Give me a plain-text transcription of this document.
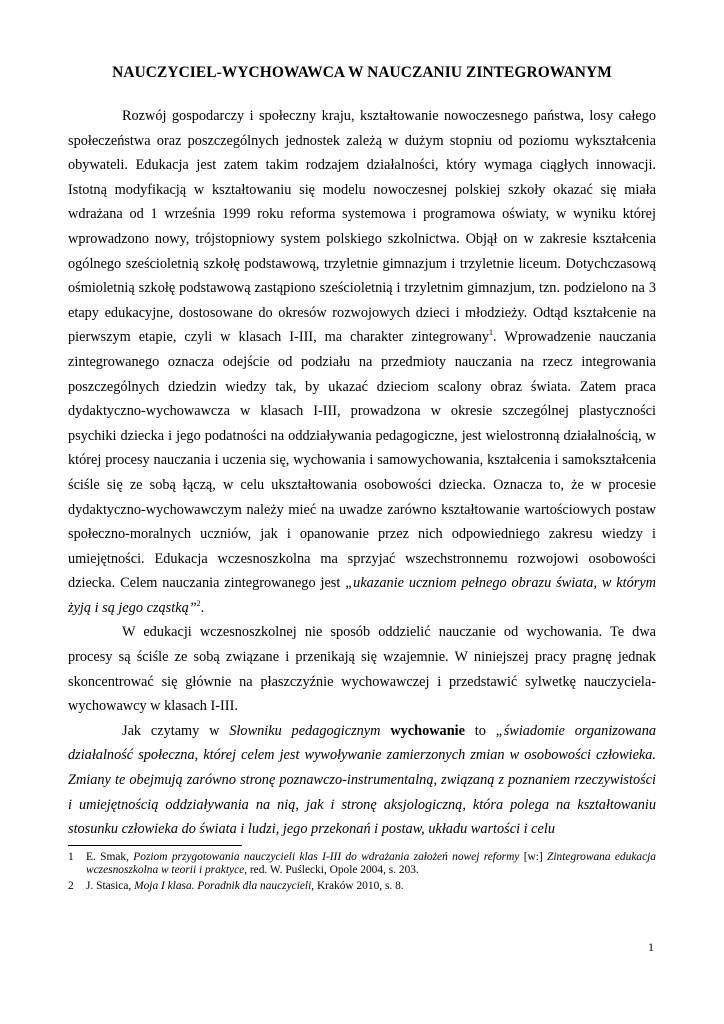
NAUCZYCIEL-WYCHOWAWCA W NAUCZANIU ZINTEGROWANYM

Rozwój gospodarczy i społeczny kraju, kształtowanie nowoczesnego państwa, losy całego społeczeństwa oraz poszczególnych jednostek zależą w dużym stopniu od poziomu wykształcenia obywateli. Edukacja jest zatem takim rodzajem działalności, który wymaga ciągłych innowacji. Istotną modyfikacją w kształtowaniu się modelu nowoczesnej polskiej szkoły okazać się miała wdrażana od 1 września 1999 roku reforma systemowa i programowa oświaty, w wyniku której wprowadzono nowy, trójstopniowy system polskiego szkolnictwa. Objął on w zakresie kształcenia ogólnego sześcioletnią szkołę podstawową, trzyletnie gimnazjum i trzyletnie liceum. Dotychczasową ośmioletnią szkołę podstawową zastąpiono sześcioletnią i trzyletnim gimnazjum, tzn. podzielono na 3 etapy edukacyjne, dostosowane do okresów rozwojowych dzieci i młodzieży. Odtąd kształcenie na pierwszym etapie, czyli w klasach I-III, ma charakter zintegrowany$^1$. Wprowadzenie nauczania zintegrowanego oznacza odejście od podziału na przedmioty nauczania na rzecz integrowania poszczególnych dziedzin wiedzy tak, by ukazać dzieciom scalony obraz świata. Zatem praca dydaktyczno-wychowawcza w klasach I-III, prowadzona w okresie szczególnej plastyczności psychiki dziecka i jego podatności na oddziaływania pedagogiczne, jest wielostronną działalnością, w której procesy nauczania i uczenia się, wychowania i samowychowania, kształcenia i samokształcenia ściśle się ze sobą łączą, w celu ukształtowania osobowości dziecka. Oznacza to, że w procesie dydaktyczno-wychowawczym należy mieć na uwadze zarówno kształtowanie wartościowych postaw społeczno-moralnych uczniów, jak i opanowanie przez nich odpowiedniego zakresu wiedzy i umiejętności. Edukacja wczesnoszkolna ma sprzyjać wszechstronnemu rozwojowi osobowości dziecka. Celem nauczania zintegrowanego jest „ukazanie uczniom pełnego obrazu świata, w którym żyją i są jego cząstką”$^2$.

W edukacji wczesnoszkolnej nie sposób oddzielić nauczanie od wychowania. Te dwa procesy są ściśle ze sobą związane i przenikają się wzajemnie. W niniejszej pracy pragnę jednak skoncentrować się głównie na płaszczyźnie wychowawczej i przedstawić sylwetkę nauczyciela-wychowawcy w klasach I-III.

Jak czytamy w Słowniku pedagogicznym wychowanie to „świadomie organizowana działalność społeczna, której celem jest wywoływanie zamierzonych zmian w osobowości człowieka. Zmiany te obejmują zarówno stronę poznawczo-instrumentalną, związaną z poznaniem rzeczywistości i umiejętnością oddziaływania na nią, jak i stronę aksjologiczną, która polega na kształtowaniu stosunku człowieka do świata i ludzi, jego przekonań i postaw, układu wartości i celu

1	E. Smak, Poziom przygotowania nauczycieli klas I-III do wdrażania założeń nowej reformy [w:] Zintegrowana edukacja wczesnoszkolna w teorii i praktyce, red. W. Puślecki, Opole 2004, s. 203.
2	J. Stasica, Moja I klasa. Poradnik dla nauczycieli, Kraków 2010, s. 8.
1
